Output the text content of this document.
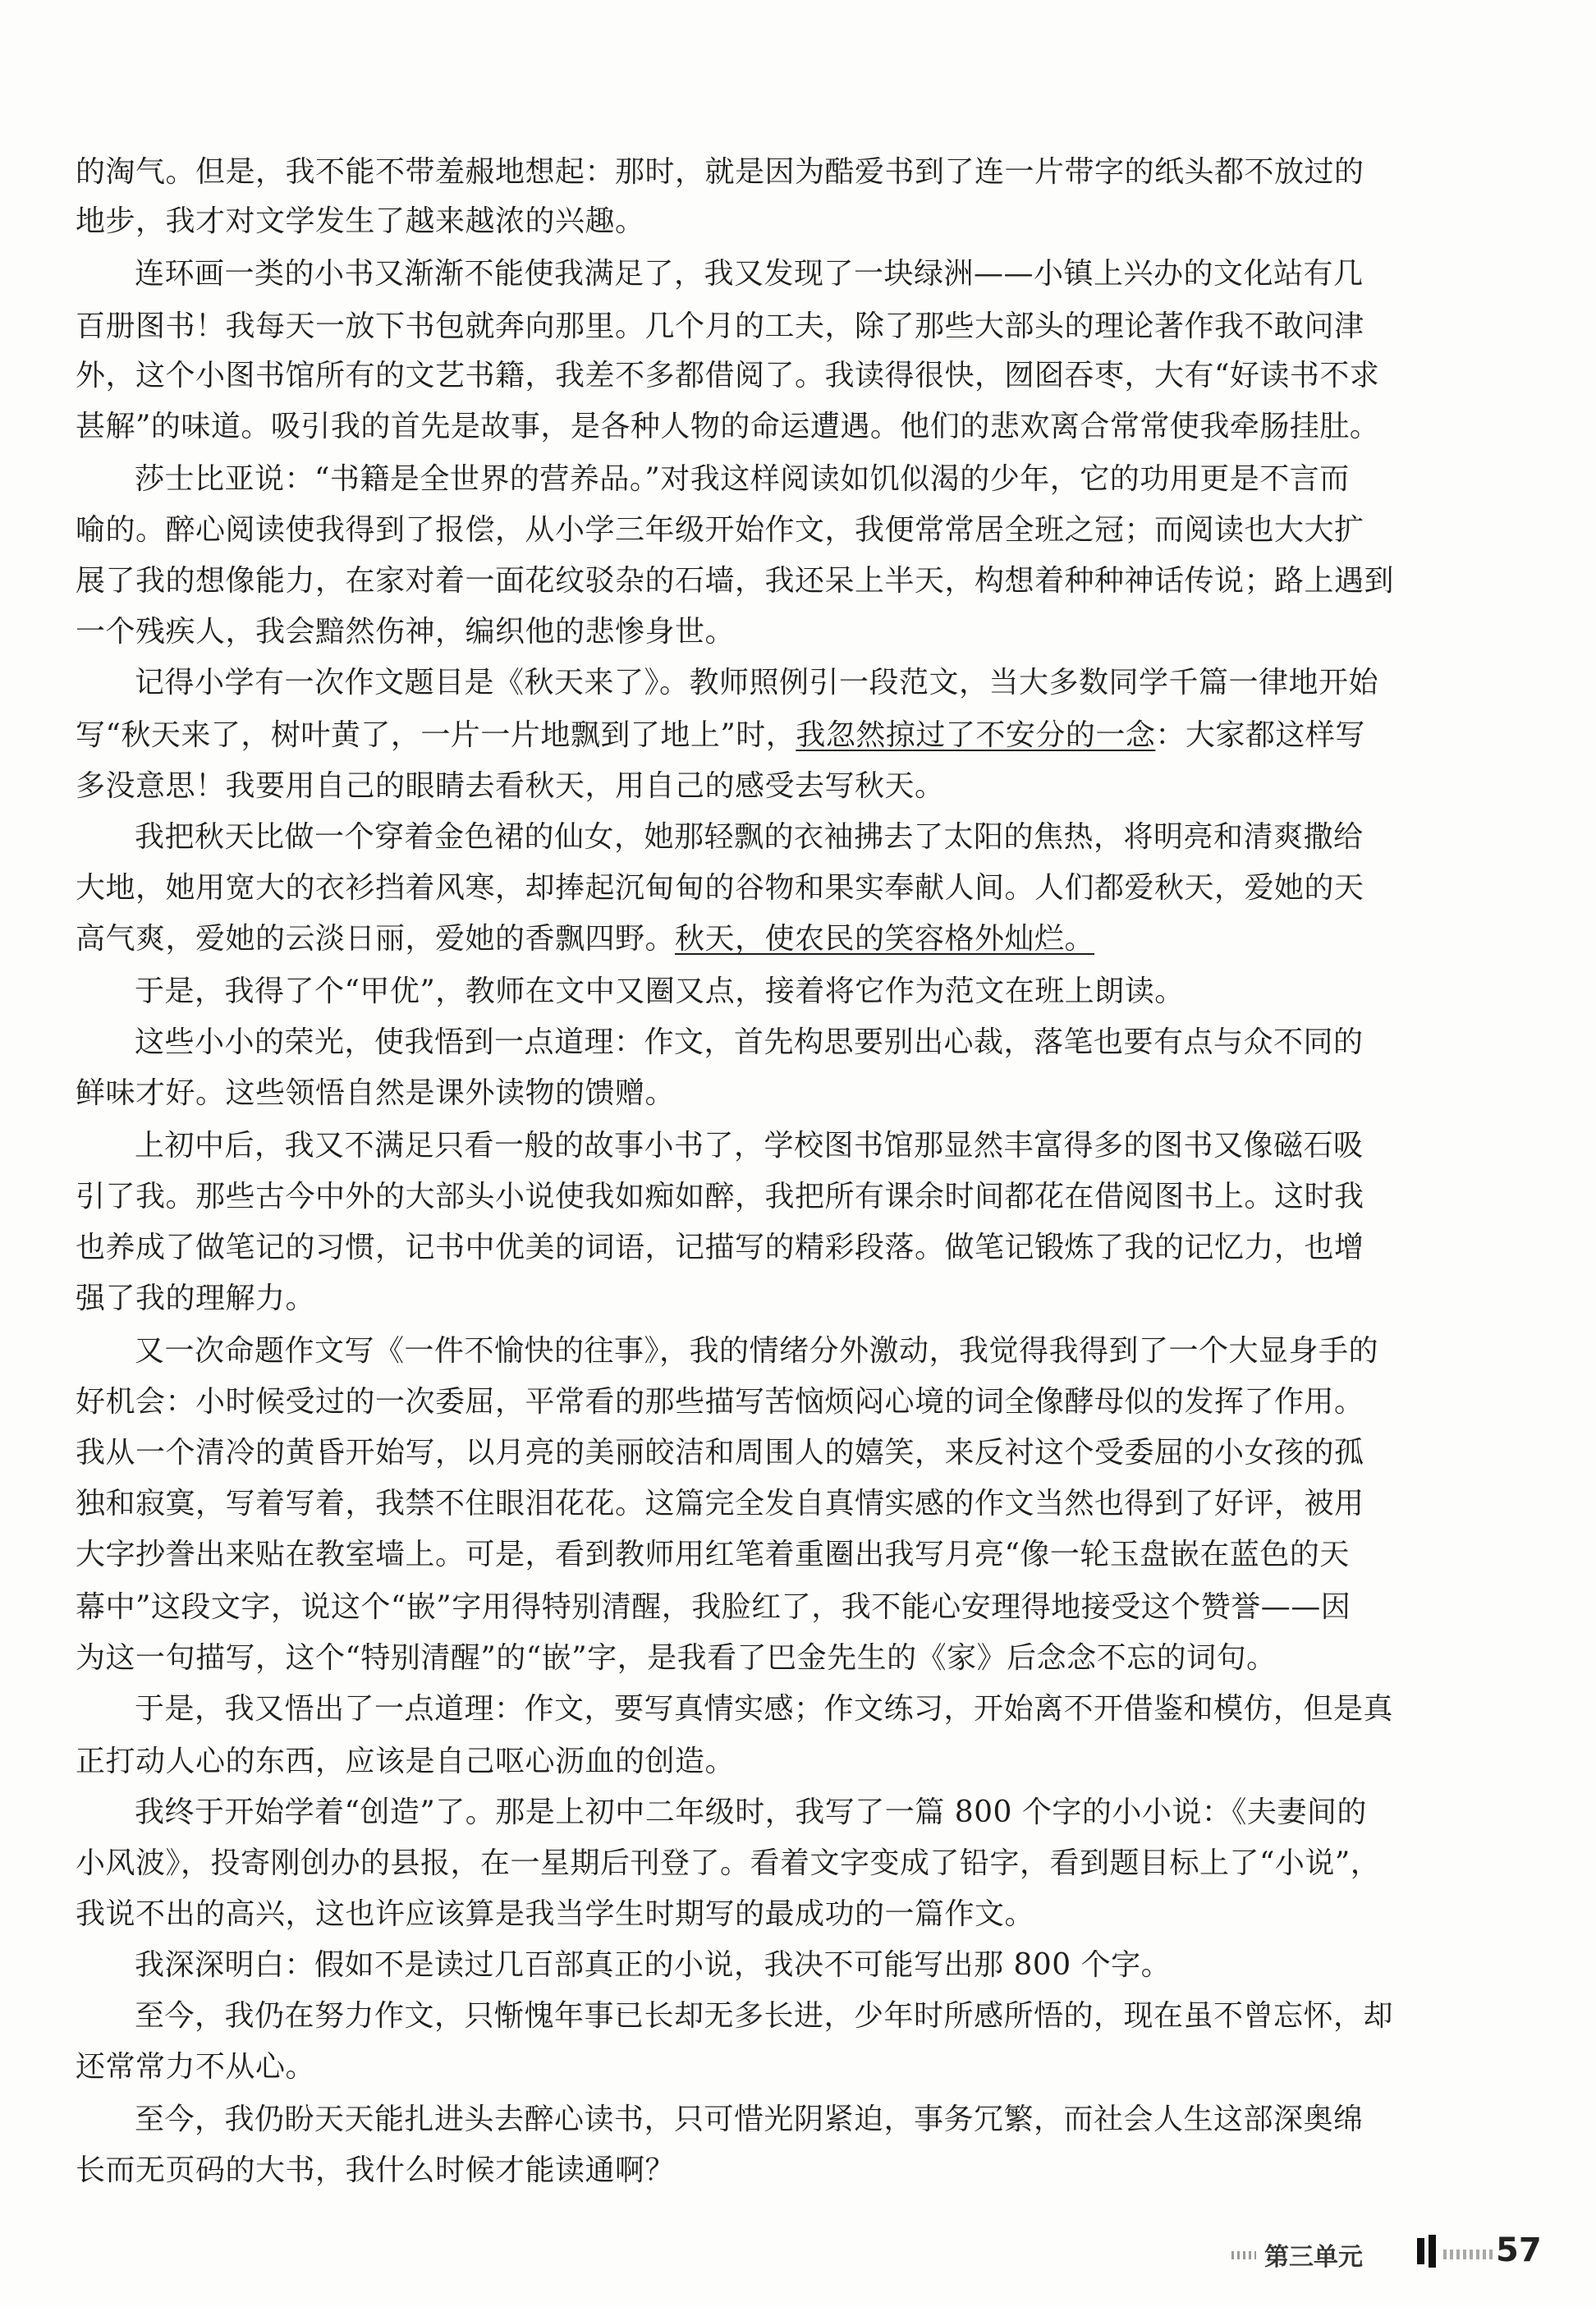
的淘气。但是，我不能不带羞赧地想起：那时，就是因为酷爱书到了连一片带字的纸头都不放过的

地步，我才对文学发生了越来越浓的兴趣。

连环画一类的小书又渐渐不能使我满足了，我又发现了一块绿洲——小镇上兴办的文化站有几

百册图书！我每天一放下书包就奔向那里。几个月的工夫，除了那些大部头的理论著作我不敢问津

外，这个小图书馆所有的文艺书籍，我差不多都借阅了。我读得很快，囫囵吞枣，大有“好读书不求

甚解”的味道。吸引我的首先是故事，是各种人物的命运遭遇。他们的悲欢离合常常使我牵肠挂肚。

莎士比亚说：“书籍是全世界的营养品。”对我这样阅读如饥似渴的少年，它的功用更是不言而

喻的。醉心阅读使我得到了报偿，从小学三年级开始作文，我便常常居全班之冠；而阅读也大大扩

展了我的想像能力，在家对着一面花纹驳杂的石墙，我还呆上半天，构想着种种神话传说；路上遇到

一个残疾人，我会黯然伤神，编织他的悲惨身世。

记得小学有一次作文题目是《秋天来了》。教师照例引一段范文，当大多数同学千篇一律地开始

写“秋天来了，树叶黄了，一片一片地飘到了地上”时，我忽然掠过了不安分的一念：大家都这样写

多没意思！我要用自己的眼睛去看秋天，用自己的感受去写秋天。

我把秋天比做一个穿着金色裙的仙女，她那轻飘的衣袖拂去了太阳的焦热，将明亮和清爽撒给

大地，她用宽大的衣衫挡着风寒，却捧起沉甸甸的谷物和果实奉献人间。人们都爱秋天，爱她的天

高气爽，爱她的云淡日丽，爱她的香飘四野。秋天，使农民的笑容格外灿烂。

于是，我得了个“甲优”，教师在文中又圈又点，接着将它作为范文在班上朗读。

这些小小的荣光，使我悟到一点道理：作文，首先构思要别出心裁，落笔也要有点与众不同的

鲜味才好。这些领悟自然是课外读物的馈赠。

上初中后，我又不满足只看一般的故事小书了，学校图书馆那显然丰富得多的图书又像磁石吸

引了我。那些古今中外的大部头小说使我如痴如醉，我把所有课余时间都花在借阅图书上。这时我

也养成了做笔记的习惯，记书中优美的词语，记描写的精彩段落。做笔记锻炼了我的记忆力，也增

强了我的理解力。

又一次命题作文写《一件不愉快的往事》，我的情绪分外激动，我觉得我得到了一个大显身手的

好机会：小时候受过的一次委屈，平常看的那些描写苦恼烦闷心境的词全像酵母似的发挥了作用。

我从一个清冷的黄昏开始写，以月亮的美丽皎洁和周围人的嬉笑，来反衬这个受委屈的小女孩的孤

独和寂寞，写着写着，我禁不住眼泪花花。这篇完全发自真情实感的作文当然也得到了好评，被用

大字抄誊出来贴在教室墙上。可是，看到教师用红笔着重圈出我写月亮“像一轮玉盘嵌在蓝色的天

幕中”这段文字，说这个“嵌”字用得特别清醒，我脸红了，我不能心安理得地接受这个赞誉——因

为这一句描写，这个“特别清醒”的“嵌”字，是我看了巴金先生的《家》后念念不忘的词句。

于是，我又悟出了一点道理：作文，要写真情实感；作文练习，开始离不开借鉴和模仿，但是真

正打动人心的东西，应该是自己呕心沥血的创造。

我终于开始学着“创造”了。那是上初中二年级时，我写了一篇 800 个字的小小说：《夫妻间的

小风波》，投寄刚创办的县报，在一星期后刊登了。看着文字变成了铅字，看到题目标上了“小说”，

我说不出的高兴，这也许应该算是我当学生时期写的最成功的一篇作文。

我深深明白：假如不是读过几百部真正的小说，我决不可能写出那 800 个字。

至今，我仍在努力作文，只惭愧年事已长却无多长进，少年时所感所悟的，现在虽不曾忘怀，却

还常常力不从心。

至今，我仍盼天天能扎进头去醉心读书，只可惜光阴紧迫，事务冗繁，而社会人生这部深奥绵

长而无页码的大书，我什么时候才能读通啊？

第三单元	57
